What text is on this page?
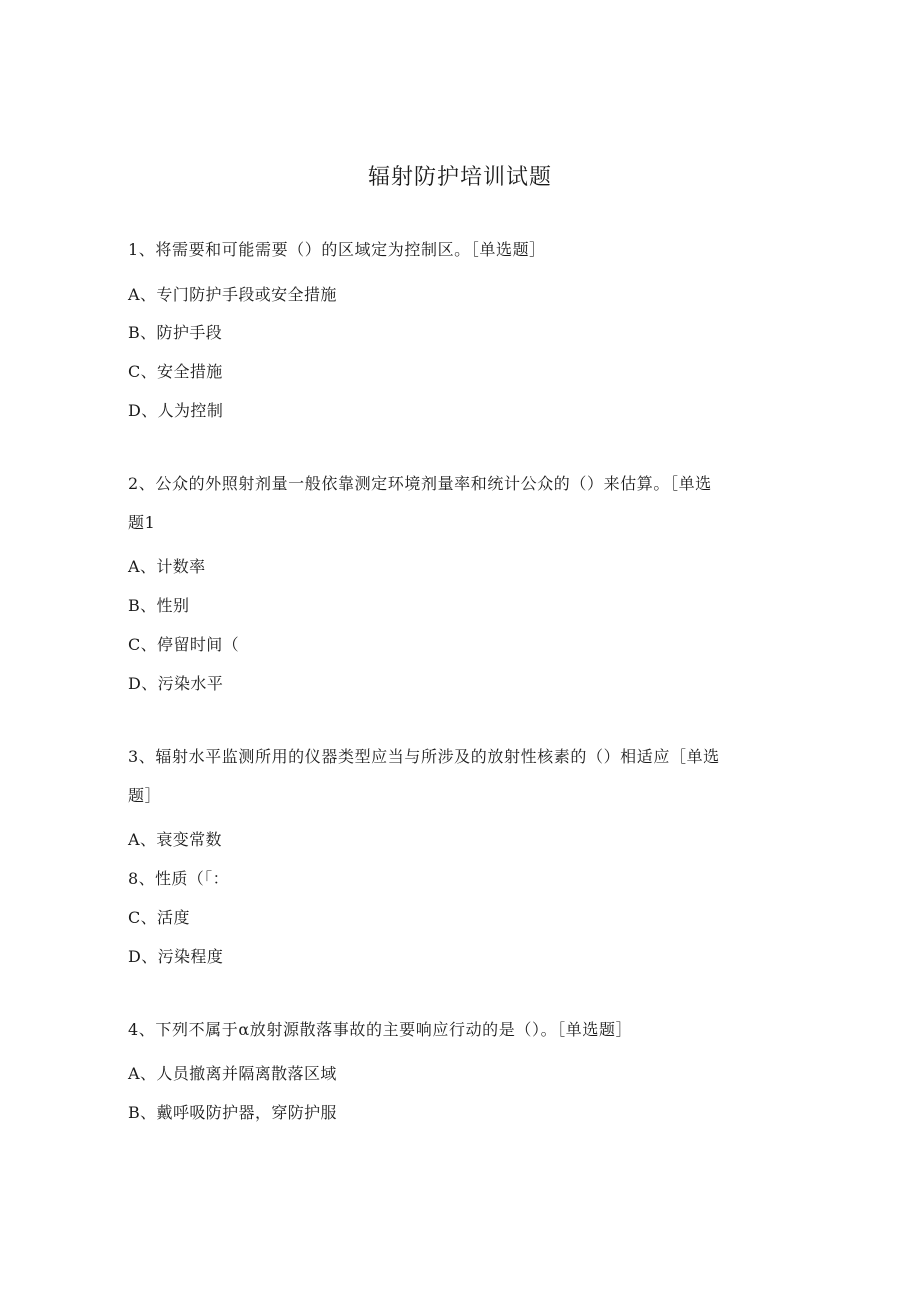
辐射防护培训试题
1、将需要和可能需要（）的区域定为控制区。［单选题］
A、专门防护手段或安全措施
B、防护手段
C、安全措施
D、人为控制
2、公众的外照射剂量一般依靠测定环境剂量率和统计公众的（）来估算。［单选
题1
A、计数率
B、性别
C、停留时间（
D、污染水平
3、辐射水平监测所用的仪器类型应当与所涉及的放射性核素的（）相适应［单选
题］
A、衰变常数
8、性质（「：
C、活度
D、污染程度
4、下列不属于α放射源散落事故的主要响应行动的是（）。［单选题］
A、人员撤离并隔离散落区域
B、戴呼吸防护器，穿防护服
